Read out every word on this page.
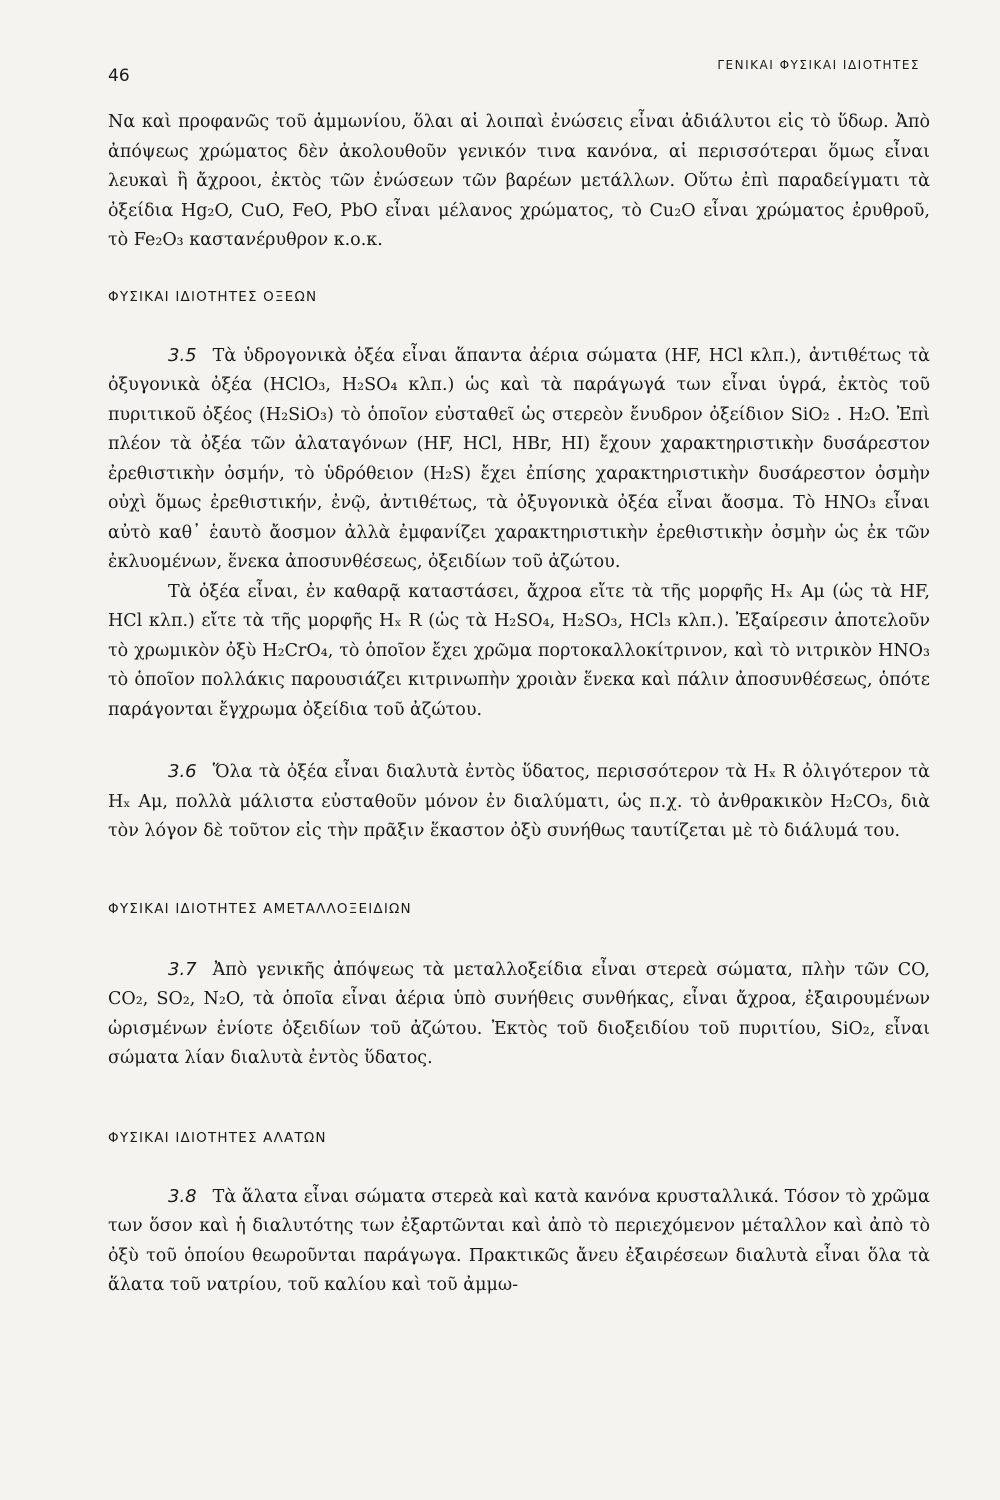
46
ΓΕΝΙΚΑΙ ΦΥΣΙΚΑΙ ΙΔΙΟΤΗΤΕΣ

Να καὶ προφανῶς τοῦ ἀμμωνίου, ὅλαι αἱ λοιπαὶ ἐνώσεις εἶναι ἀδιάλυτοι εἰς τὸ ὕδωρ. Ἀπὸ ἀπόψεως χρώματος δὲν ἀκολουθοῦν γενικόν τινα κανόνα, αἱ περισσότεραι ὅμως εἶναι λευκαὶ ἢ ἄχροοι, ἐκτὸς τῶν ἐνώσεων τῶν βαρέων μετάλλων. Οὕτω ἐπὶ παραδείγματι τὰ ὀξείδια Hg₂O, CuO, FeO, PbO εἶναι μέλανος χρώματος, τὸ Cu₂O εἶναι χρώματος ἐρυθροῦ, τὸ Fe₂O₃ καστανέρυθρον κ.ο.κ.

ΦΥΣΙΚΑΙ ΙΔΙΟΤΗΤΕΣ ΟΞΕΩΝ

3.5 Τὰ ὑδρογονικὰ ὀξέα εἶναι ἅπαντα ἀέρια σώματα (HF, HCl κλπ.), ἀντιθέτως τὰ ὀξυγονικὰ ὀξέα (HClO₃, H₂SO₄ κλπ.) ὡς καὶ τὰ παράγωγά των εἶναι ὑγρά, ἐκτὸς τοῦ πυριτικοῦ ὀξέος (H₂SiO₃) τὸ ὁποῖον εὐσταθεῖ ὡς στερεὸν ἔνυδρον ὀξείδιον SiO₂ . H₂O. Ἐπὶ πλέον τὰ ὀξέα τῶν ἀλαταγόνων (HF, HCl, HBr, HI) ἔχουν χαρακτηριστικὴν δυσάρεστον ἐρεθιστικὴν ὀσμήν, τὸ ὑδρόθειον (H₂S) ἔχει ἐπίσης χαρακτηριστικὴν δυσάρεστον ὀσμὴν οὐχὶ ὅμως ἐρεθιστικήν, ἐνῷ, ἀντιθέτως, τὰ ὀξυγονικὰ ὀξέα εἶναι ἄοσμα. Τὸ HNO₃ εἶναι αὐτὸ καθ᾽ ἑαυτὸ ἄοσμον ἀλλὰ ἐμφανίζει χαρακτηριστικὴν ἐρεθιστικὴν ὀσμὴν ὡς ἐκ τῶν ἐκλυομένων, ἕνεκα ἀποσυνθέσεως, ὀξειδίων τοῦ ἀζώτου.

Τὰ ὀξέα εἶναι, ἐν καθαρᾷ καταστάσει, ἄχροα εἴτε τὰ τῆς μορφῆς Hₓ Αμ (ὡς τὰ HF, HCl κλπ.) εἴτε τὰ τῆς μορφῆς Hₓ R (ὡς τὰ H₂SO₄, H₂SO₃, HCl₃ κλπ.). Ἐξαίρεσιν ἀποτελοῦν τὸ χρωμικὸν ὀξὺ H₂CrO₄, τὸ ὁποῖον ἔχει χρῶμα πορτοκαλλοκίτρινον, καὶ τὸ νιτρικὸν HNO₃ τὸ ὁποῖον πολλάκις παρουσιάζει κιτρινωπὴν χροιὰν ἕνεκα καὶ πάλιν ἀποσυνθέσεως, ὁπότε παράγονται ἔγχρωμα ὀξείδια τοῦ ἀζώτου.

3.6 Ὅλα τὰ ὀξέα εἶναι διαλυτὰ ἐντὸς ὕδατος, περισσότερον τὰ Hₓ R ὀλιγότερον τὰ Hₓ Αμ, πολλὰ μάλιστα εὐσταθοῦν μόνον ἐν διαλύματι, ὡς π.χ. τὸ ἀνθρακικὸν H₂CO₃, διὰ τὸν λόγον δὲ τοῦτον εἰς τὴν πρᾶξιν ἕκαστον ὀξὺ συνήθως ταυτίζεται μὲ τὸ διάλυμά του.

ΦΥΣΙΚΑΙ ΙΔΙΟΤΗΤΕΣ ΑΜΕΤΑΛΛΟΞΕΙΔΙΩΝ

3.7 Ἀπὸ γενικῆς ἀπόψεως τὰ μεταλλοξείδια εἶναι στερεὰ σώματα, πλὴν τῶν CO, CO₂, SO₂, N₂O, τὰ ὁποῖα εἶναι ἀέρια ὑπὸ συνήθεις συνθήκας, εἶναι ἄχροα, ἐξαιρουμένων ὡρισμένων ἐνίοτε ὀξειδίων τοῦ ἀζώτου. Ἐκτὸς τοῦ διοξειδίου τοῦ πυριτίου, SiO₂, εἶναι σώματα λίαν διαλυτὰ ἐντὸς ὕδατος.

ΦΥΣΙΚΑΙ ΙΔΙΟΤΗΤΕΣ ΑΛΑΤΩΝ

3.8 Τὰ ἅλατα εἶναι σώματα στερεὰ καὶ κατὰ κανόνα κρυσταλλικά. Τόσον τὸ χρῶμα των ὅσον καὶ ἡ διαλυτότης των ἐξαρτῶνται καὶ ἀπὸ τὸ περιεχόμενον μέταλλον καὶ ἀπὸ τὸ ὀξὺ τοῦ ὁποίου θεωροῦνται παράγωγα. Πρακτικῶς ἄνευ ἐξαιρέσεων διαλυτὰ εἶναι ὅλα τὰ ἅλατα τοῦ νατρίου, τοῦ καλίου καὶ τοῦ ἀμμω-
